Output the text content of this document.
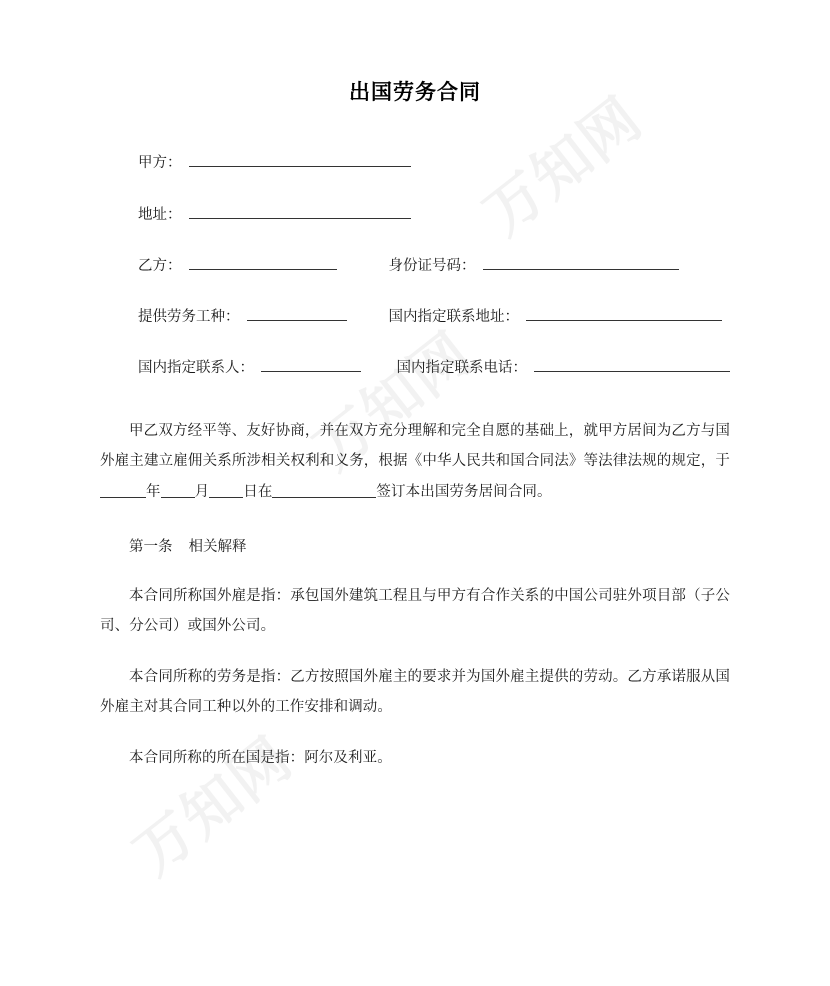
出国劳务合同
甲方：
地址：
乙方：	身份证号码：
提供劳务工种：	国内指定联系地址：
国内指定联系人：	国内指定联系电话：

甲乙双方经平等、友好协商，并在双方充分理解和完全自愿的基础上，就甲方居间为乙方与国外雇主建立雇佣关系所涉相关权利和义务，根据《中华人民共和国合同法》等法律法规的规定，于年 月 日在	签订本出国劳务居间合同。

第一条 相关解释

本合同所称国外雇是指：承包国外建筑工程且与甲方有合作关系的中国公司驻外项目部（子公司、分公司）或国外公司。

本合同所称的劳务是指：乙方按照国外雇主的要求并为国外雇主提供的劳动。乙方承诺服从国外雇主对其合同工种以外的工作安排和调动。

本合同所称的所在国是指：阿尔及利亚。
